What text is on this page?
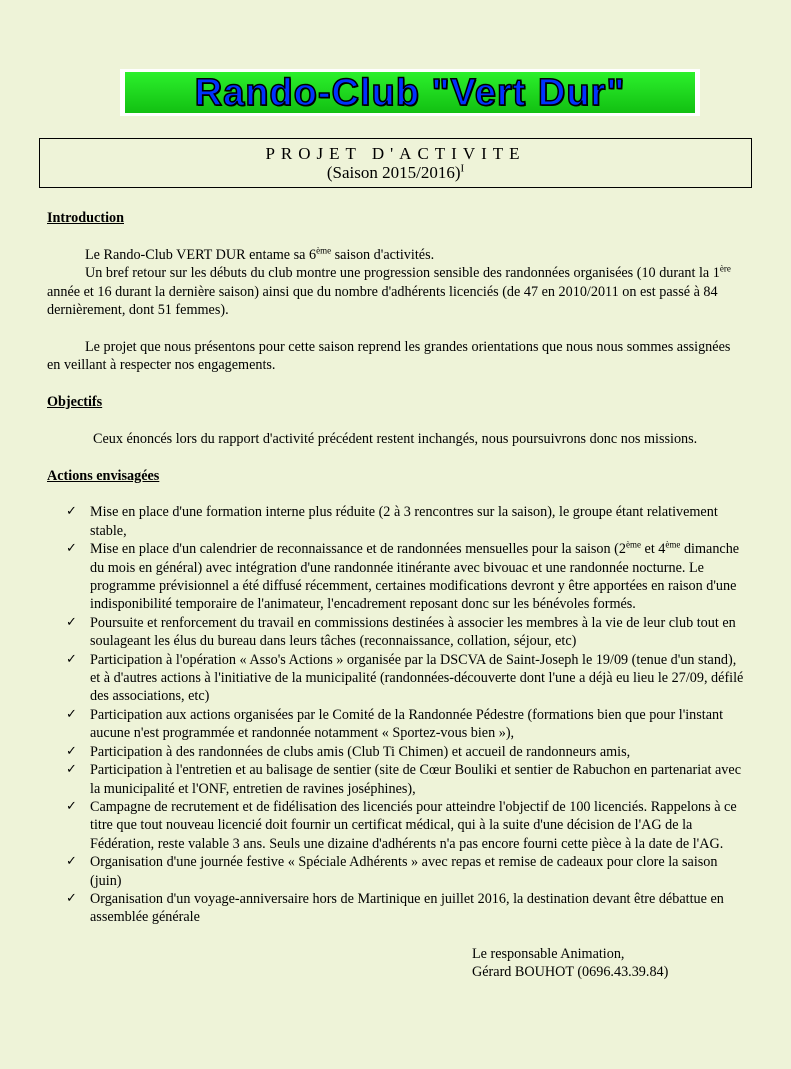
Rando-Club "Vert Dur"
PROJET D'ACTIVITE
(Saison 2015/2016)$^I$

Introduction

Le Rando-Club VERT DUR entame sa 6ème saison d'activités.

Un bref retour sur les débuts du club montre une progression sensible des randonnées organisées (10 durant la 1ère année et 16 durant la dernière saison) ainsi que du nombre d'adhérents licenciés (de 47 en 2010/2011 on est passé à 84 dernièrement, dont 51 femmes).

Le projet que nous présentons pour cette saison reprend les grandes orientations que nous nous sommes assignées en veillant à respecter nos engagements.

Objectifs

Ceux énoncés lors du rapport d'activité précédent restent inchangés, nous poursuivrons donc nos missions.

Actions envisagées

✓ Mise en place d'une formation interne plus réduite (2 à 3 rencontres sur la saison), le groupe étant relativement stable,
✓ Mise en place d'un calendrier de reconnaissance et de randonnées mensuelles pour la saison (2ème et 4ème dimanche du mois en général) avec intégration d'une randonnée itinérante avec bivouac et une randonnée nocturne. Le programme prévisionnel a été diffusé récemment, certaines modifications devront y être apportées en raison d'une indisponibilité temporaire de l'animateur, l'encadrement reposant donc sur les bénévoles formés.
✓ Poursuite et renforcement du travail en commissions destinées à associer les membres à la vie de leur club tout en soulageant les élus du bureau dans leurs tâches (reconnaissance, collation, séjour, etc)
✓ Participation à l'opération « Asso's Actions » organisée par la DSCVA de Saint-Joseph le 19/09 (tenue d'un stand), et à d'autres actions à l'initiative de la municipalité (randonnées-découverte dont l'une a déjà eu lieu le 27/09, défilé des associations, etc)
✓ Participation aux actions organisées par le Comité de la Randonnée Pédestre (formations bien que pour l'instant aucune n'est programmée et randonnée notamment « Sportez-vous bien »),
✓ Participation à des randonnées de clubs amis (Club Ti Chimen) et accueil de randonneurs amis,
✓ Participation à l'entretien et au balisage de sentier (site de Cœur Bouliki et sentier de Rabuchon en partenariat avec la municipalité et l'ONF, entretien de ravines joséphines),
✓ Campagne de recrutement et de fidélisation des licenciés pour atteindre l'objectif de 100 licenciés. Rappelons à ce titre que tout nouveau licencié doit fournir un certificat médical, qui à la suite d'une décision de l'AG de la Fédération, reste valable 3 ans. Seuls une dizaine d'adhérents n'a pas encore fourni cette pièce à la date de l'AG.
✓ Organisation d'une journée festive « Spéciale Adhérents » avec repas et remise de cadeaux pour clore la saison (juin)
✓ Organisation d'un voyage-anniversaire hors de Martinique en juillet 2016, la destination devant être débattue en assemblée générale

Le responsable Animation,

Gérard BOUHOT (0696.43.39.84)
